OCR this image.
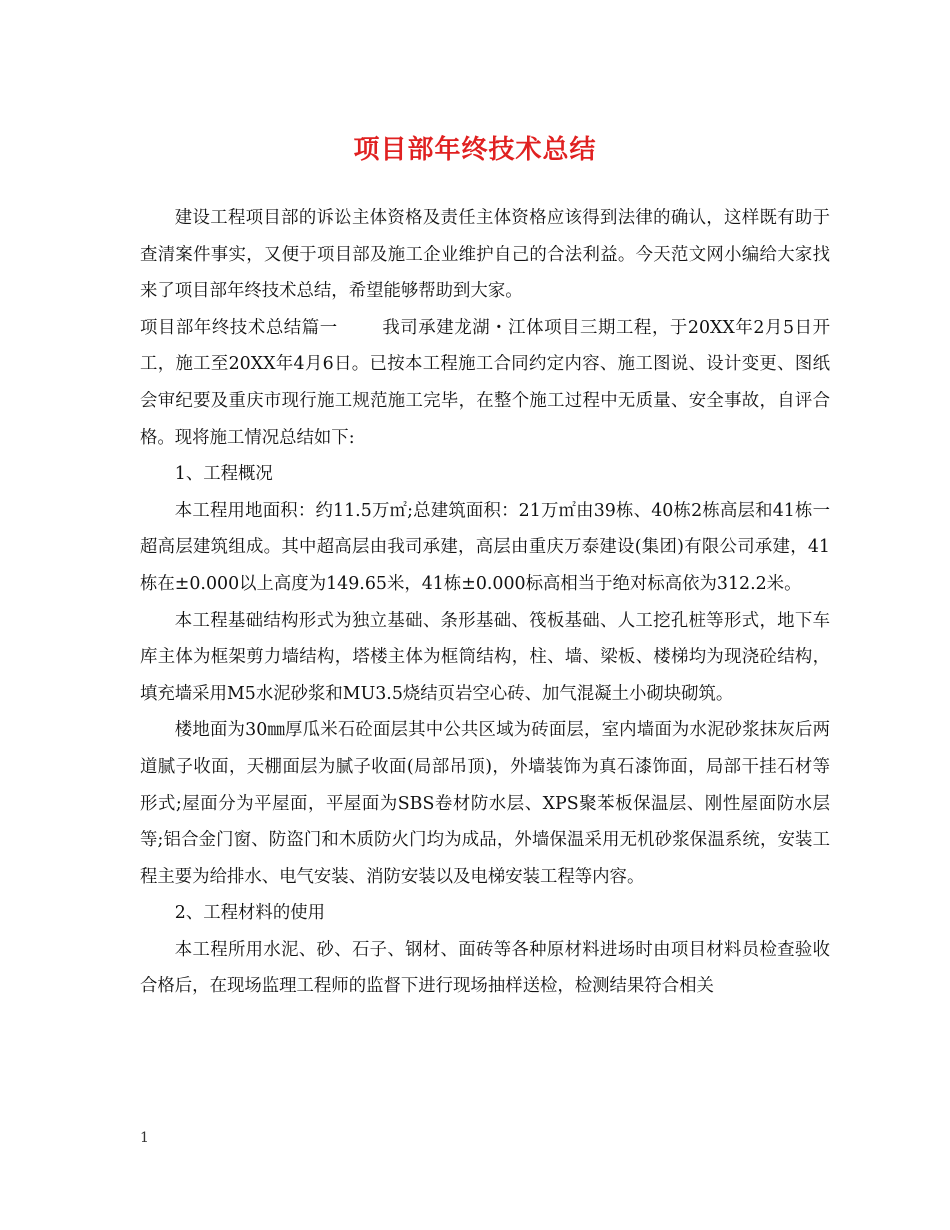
项目部年终技术总结

建设工程项目部的诉讼主体资格及责任主体资格应该得到法律的确认，这样既有助于查清案件事实，又便于项目部及施工企业维护自己的合法利益。今天范文网小编给大家找来了项目部年终技术总结，希望能够帮助到大家。

项目部年终技术总结篇一	我司承建龙湖・江体项目三期工程，于20XX年2月5日开工，施工至20XX年4月6日。已按本工程施工合同约定内容、施工图说、设计变更、图纸会审纪要及重庆市现行施工规范施工完毕，在整个施工过程中无质量、安全事故，自评合格。现将施工情况总结如下:

1、工程概况

本工程用地面积：约11.5万㎡;总建筑面积：21万㎡由39栋、40栋2栋高层和41栋一超高层建筑组成。其中超高层由我司承建，高层由重庆万泰建设(集团)有限公司承建，41栋在±0.000以上高度为149.65米，41栋±0.000标高相当于绝对标高依为312.2米。

本工程基础结构形式为独立基础、条形基础、筏板基础、人工挖孔桩等形式，地下车库主体为框架剪力墙结构，塔楼主体为框筒结构，柱、墙、梁板、楼梯均为现浇砼结构，填充墙采用M5水泥砂浆和MU3.5烧结页岩空心砖、加气混凝土小砌块砌筑。

楼地面为30㎜厚瓜米石砼面层其中公共区域为砖面层，室内墙面为水泥砂浆抹灰后两道腻子收面，天棚面层为腻子收面(局部吊顶)，外墙装饰为真石漆饰面，局部干挂石材等形式;屋面分为平屋面，平屋面为SBS卷材防水层、XPS聚苯板保温层、刚性屋面防水层等;铝合金门窗、防盗门和木质防火门均为成品，外墙保温采用无机砂浆保温系统，安装工程主要为给排水、电气安装、消防安装以及电梯安装工程等内容。

2、工程材料的使用

本工程所用水泥、砂、石子、钢材、面砖等各种原材料进场时由项目材料员检查验收合格后，在现场监理工程师的监督下进行现场抽样送检，检测结果符合相关

1
